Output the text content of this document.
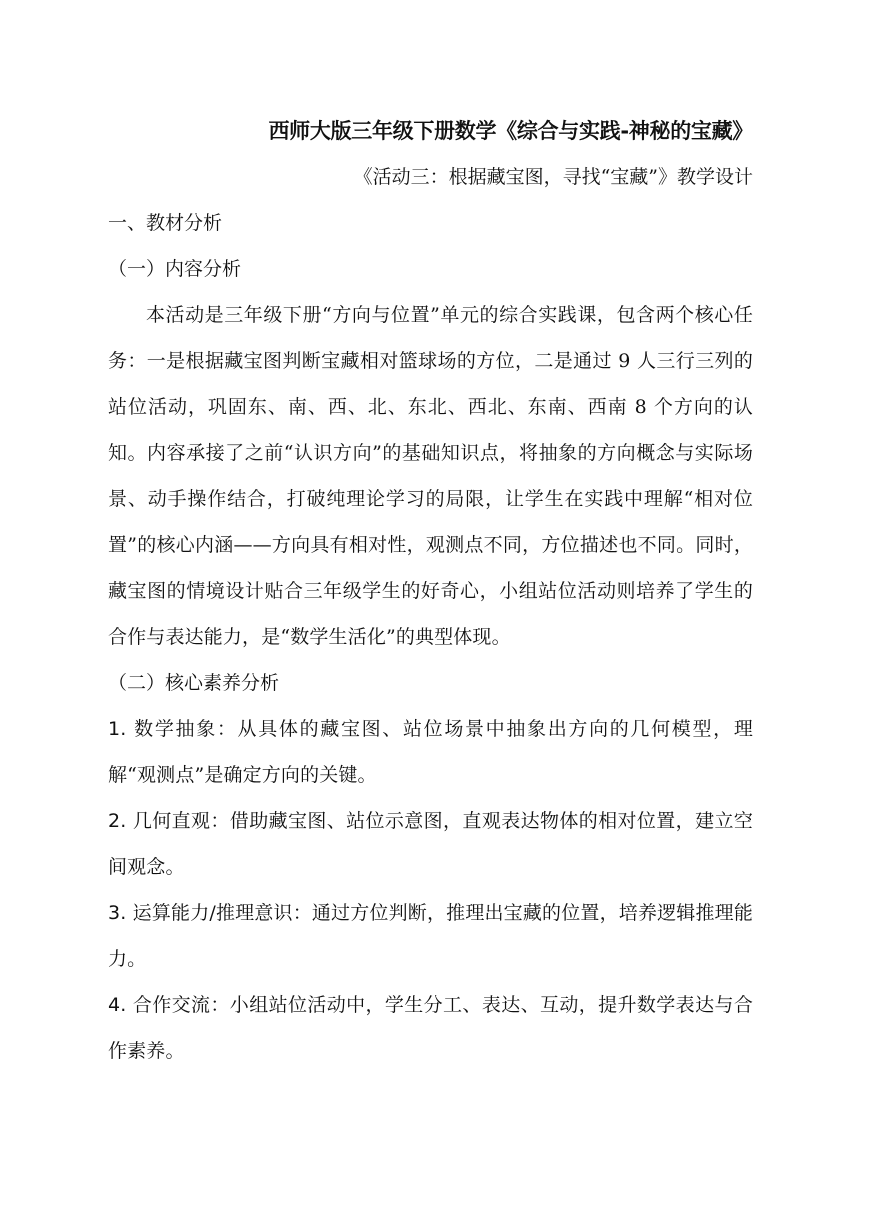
西师大版三年级下册数学《综合与实践-神秘的宝藏》
《活动三：根据藏宝图，寻找“宝藏”》教学设计
一、教材分析
（一）内容分析

本活动是三年级下册“方向与位置”单元的综合实践课，包含两个核心任务：一是根据藏宝图判断宝藏相对篮球场的方位，二是通过 9 人三行三列的站位活动，巩固东、南、西、北、东北、西北、东南、西南 8 个方向的认知。内容承接了之前“认识方向”的基础知识点，将抽象的方向概念与实际场景、动手操作结合，打破纯理论学习的局限，让学生在实践中理解“相对位置”的核心内涵——方向具有相对性，观测点不同，方位描述也不同。同时，藏宝图的情境设计贴合三年级学生的好奇心，小组站位活动则培养了学生的合作与表达能力，是“数学生活化”的典型体现。

（二）核心素养分析

1. 数学抽象：从具体的藏宝图、站位场景中抽象出方向的几何模型，理解“观测点”是确定方向的关键。

2. 几何直观：借助藏宝图、站位示意图，直观表达物体的相对位置，建立空间观念。

3. 运算能力/推理意识：通过方位判断，推理出宝藏的位置，培养逻辑推理能力。

4. 合作交流：小组站位活动中，学生分工、表达、互动，提升数学表达与合作素养。
